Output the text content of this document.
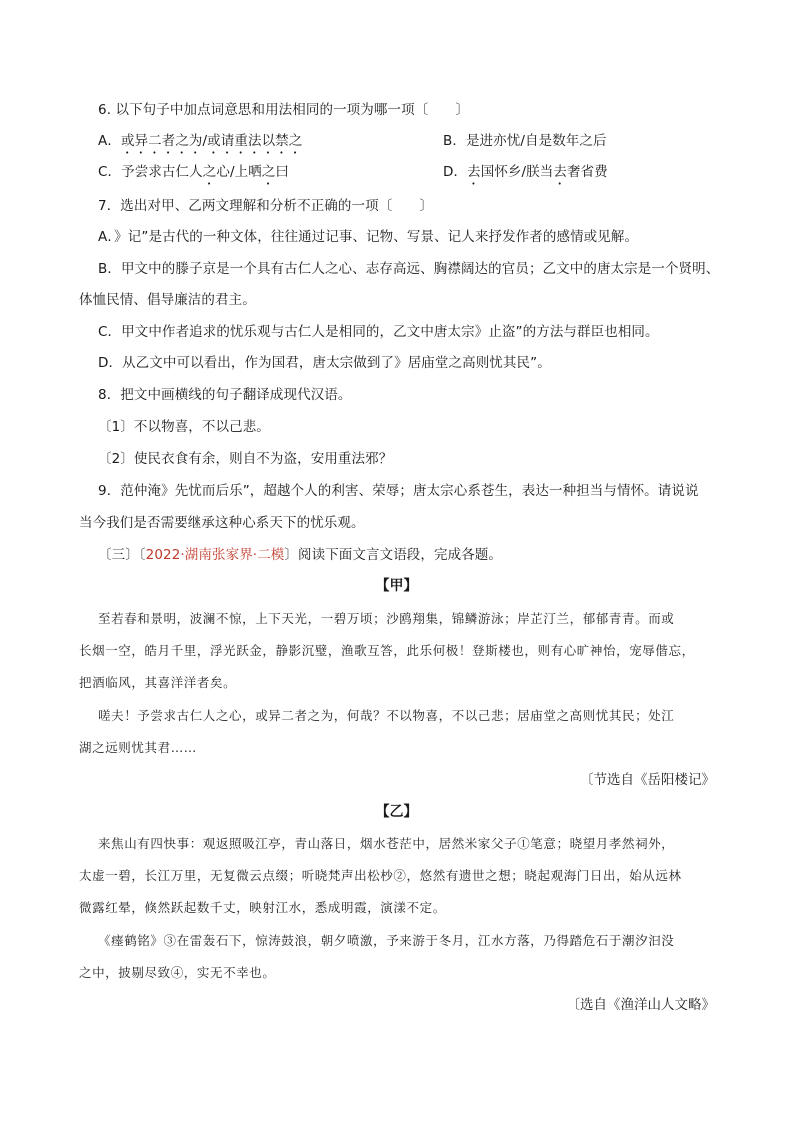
6. 以下句子中加点词意思和用法相同的一项为哪一项〔　　〕
A．或异二者之为/或请重法以禁之	B．是进亦忧/自是数年之后
C．予尝求古仁人之心/上哂之曰	D．去国怀乡/朕当去奢省费
7．选出对甲、乙两文理解和分析不正确的一项〔　　〕
A．》记”是古代的一种文体，往往通过记事、记物、写景、记人来抒发作者的感情或见解。
B．甲文中的滕子京是一个具有古仁人之心、志存高远、胸襟阔达的官员；乙文中的唐太宗是一个贤明、
体恤民情、倡导廉洁的君主。
C．甲文中作者追求的忧乐观与古仁人是相同的，乙文中唐太宗》止盗”的方法与群臣也相同。
D．从乙文中可以看出，作为国君，唐太宗做到了》居庙堂之高则忧其民”。
8．把文中画横线的句子翻译成现代汉语。
〔1〕不以物喜，不以己悲。
〔2〕使民衣食有余，则自不为盗，安用重法邪？
9．范仲淹》先忧而后乐”，超越个人的利害、荣辱；唐太宗心系苍生，表达一种担当与情怀。请说说
当今我们是否需要继承这种心系天下的忧乐观。
〔三〕〔2022·湖南张家界·二模〕阅读下面文言文语段，完成各题。
【甲】
至若春和景明，波澜不惊，上下天光，一碧万顷；沙鸥翔集，锦鳞游泳；岸芷汀兰，郁郁青青。而或
长烟一空，皓月千里，浮光跃金，静影沉璧，渔歌互答，此乐何极！登斯楼也，则有心旷神怡，宠辱偕忘，
把酒临风，其喜洋洋者矣。
嗟夫！予尝求古仁人之心，或异二者之为，何哉？不以物喜，不以己悲；居庙堂之高则忧其民；处江
湖之远则忧其君……
〔节选自《岳阳楼记》
【乙】
来焦山有四快事：观返照吸江亭，青山落日，烟水苍茫中，居然米家父子①笔意；晓望月孝然祠外，
太虚一碧，长江万里，无复微云点缀；听晓梵声出松杪②，悠然有遗世之想；晓起观海门日出，始从远林
微露红晕，倏然跃起数千丈，映射江水，悉成明霞，演漾不定。
《瘗鹤铭》③在雷轰石下，惊涛鼓浪，朝夕喷激，予来游于冬月，江水方落，乃得踏危石于潮汐汩没
之中，披剔尽致④，实无不幸也。
〔选自《渔洋山人文略》
